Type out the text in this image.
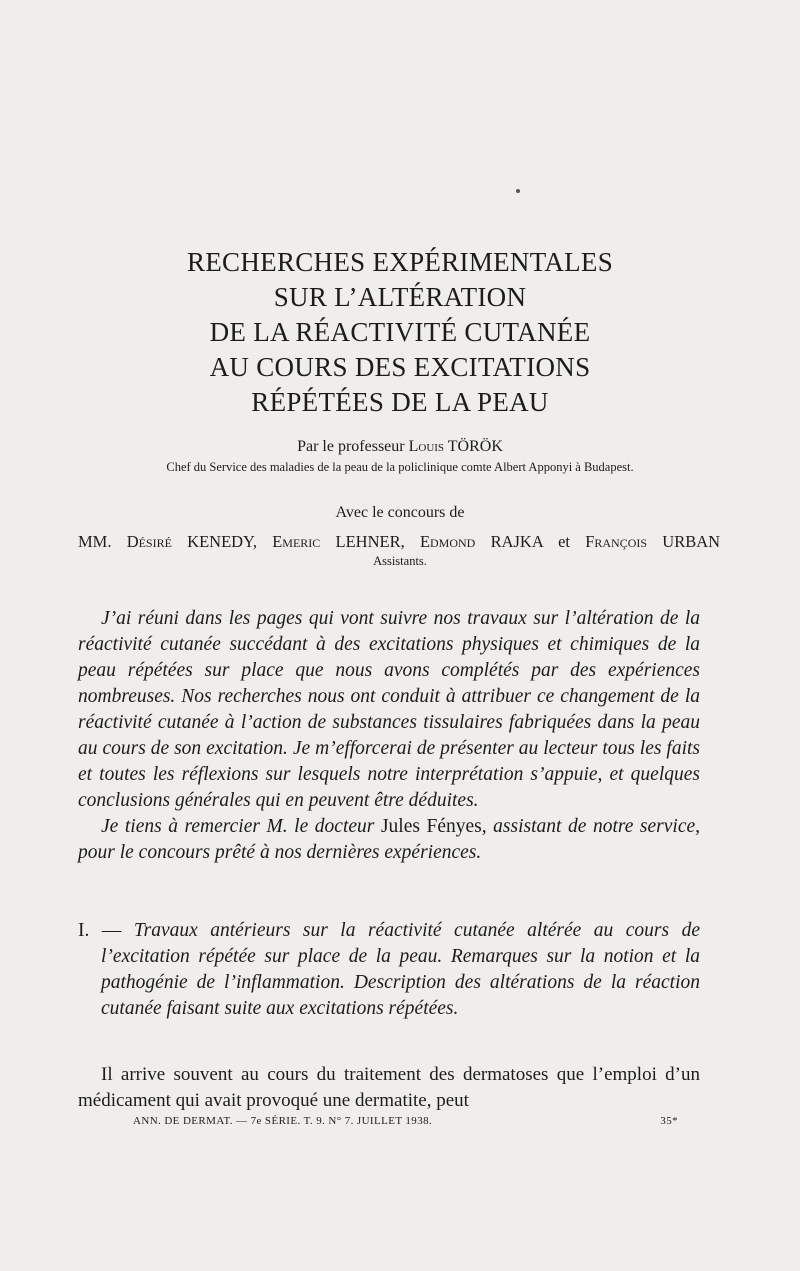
RECHERCHES EXPÉRIMENTALES
SUR L’ALTÉRATION
DE LA RÉACTIVITÉ CUTANÉE
AU COURS DES EXCITATIONS
RÉPÉTÉES DE LA PEAU
Par le professeur Louis TÖRÖK
Chef du Service des maladies de la peau de la policlinique comte Albert Apponyi à Budapest.
Avec le concours de
MM. Désiré KENEDY, Emeric LEHNER, Edmond RAJKA et François URBAN
Assistants.

J’ai réuni dans les pages qui vont suivre nos travaux sur l’altération de la réactivité cutanée succédant à des excitations physiques et chimiques de la peau répétées sur place que nous avons complétés par des expériences nombreuses. Nos recherches nous ont conduit à attribuer ce changement de la réactivité cutanée à l’action de substances tissulaires fabriquées dans la peau au cours de son excitation. Je m’efforcerai de présenter au lecteur tous les faits et toutes les réflexions sur lesquels notre interprétation s’appuie, et quelques conclusions générales qui en peuvent être déduites.

Je tiens à remercier M. le docteur Jules Fényes, assistant de notre service, pour le concours prêté à nos dernières expériences.

I. — Travaux antérieurs sur la réactivité cutanée altérée au cours de l’excitation répétée sur place de la peau. Remarques sur la notion et la pathogénie de l’inflammation. Description des altérations de la réaction cutanée faisant suite aux excitations répétées.
Il arrive souvent au cours du traitement des dermatoses que l’emploi d’un médicament qui avait provoqué une dermatite, peut
ANN. DE DERMAT. — 7e SÉRIE. T. 9. N° 7. JUILLET 1938.	35*
